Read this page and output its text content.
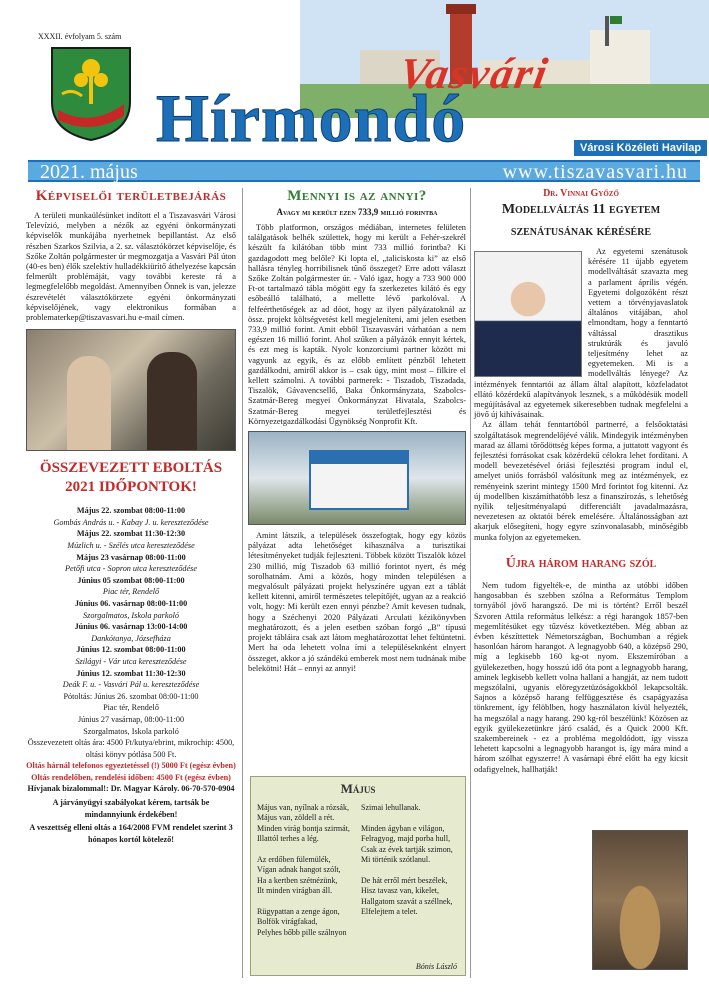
XXXII. évfolyam 5. szám
Vasvári
Hírmondó	Városi Közéleti Havilap
2021. május	www.tiszavasvari.hu
Képviselői területbejárás

A területi munkaülésünket indított el a Tiszavasvári Városi Televízió, melyben a nézők az egyéni önkormányzati képviselők munkájába nyerhetnek bepillantást. Az első részben Szarkos Szilvia, a 2. sz. választókörzet képviselője, és Szőke Zoltán polgármester úr megmozgatja a Vasvári Pál úton (40-es ben) élők szelektív hulladékkiürítő áthelyezése kapcsán felmerült problémáját, vagy további kereste rá a legmegfelelőbb megoldást. Amennyiben Önnek is van, jelezze észrevételét választókörzete egyéni önkormányzati képviselőjének, vagy elektronikus formában a problematerkep@tiszavasvari.hu e-mail címen.

ÖSSZEVEZETT EBOLTÁS
2021 IDŐPONTOK!
Május 22. szombat 08:00-11:00
Gombás András u. - Kabay J. u. kereszteződése
Május 22. szombat 11:30-12:30
Múzlich u. - Szélés utca kereszteződése
Május 23 vasárnap 08:00-11:00
Petőfi utca - Sopron utca kereszteződése
Június 05 szombat 08:00-11:00
Piac tér, Rendelő
Június 06. vasárnap 08:00-11:00
Szorgalmatos, Iskola parkoló
Június 06. vasárnap 13:00-14:00
Dankótanya, Józsefháza
Június 12. szombat 08:00-11:00
Szilágyi - Vár utca kereszteződése
Június 12. szombat 11:30-12:30
Deák F. u. - Vasvári Pál u. kereszteződése
Pótoltás: Június 26. szombat 08:00-11:00
Piac tér, Rendelő
Június 27 vasárnap, 08:00-11:00
Szorgalmatos, Iskola parkoló
Összevezetett oltás ára: 4500 Ft/kutya/ebrint, mikrochip: 4500, oltási könyv pótlása 500 Ft.
Oltás hárnál telefonos egyeztetéssel (!) 5000 Ft (egész évben)
Oltás rendelőben, rendelési időben: 4500 Ft (egész évben)
Hívjanak bizalommal!: Dr. Magyar Károly. 06-70-570-0904
A járványügyi szabályokat kérem, tartsák be mindannyiunk érdekében!
A veszettség elleni oltás a 164/2008 FVM rendelet szerint 3 hónapos kortól kötelező!
Mennyi is az annyi?
Avagy mi került ezen 733,9 millió forintba

Több platformon, országos médiában, internetes felületen találgatások belhék születtek, hogy mi került a Fehér-szekrél készült fa kilátóban több mint 733 millió forintba? Ki gazdagodott meg belőle? Ki lopta el, „taliciskosta ki” az első hallásra tényleg horribilisnek tűnő összeget? Erre adott választ Szőke Zoltán polgármester úr. - Való igaz, hogy a 733 900 000 Ft-ot tartalmazó tábla mögött egy fa szerkezetes kilátó és egy esőbeálló található, a mellette lévő parkolóval. A felfeérthetőségek az ad dóot, hogy az ilyen pályázatoknál az össz. projekt költségvetést kell megjeleníteni, ami jelen esetben 733,9 millió forint. Amit ebből Tiszavasvári várhatóan a nem egészen 16 millió forint. Ahol szűken a pályázók ennyit kértek, és ezt meg is kapták. Nyolc konzorciumi partner között mi vagyunk az egyik, és az előbb említett pénzből lehetett gazdálkodni, amiről akkor is – csak úgy, mint most – filkire el kellett számolni. A további partnerek: - Tiszadob, Tiszadada, Tiszalök, Gávavencsellő, Baka Önkormányzata, Szabolcs-Szatmár-Bereg megyei Önkormányzat Hivatala, Szabolcs-Szatmár-Bereg megyei területfejlesztési és Környezetgazdálkodási Ügynökség Nonprofit Kft.

Amint látszik, a települések összefogtak, hogy egy közös pályázat adta lehetőséget kihasználva a turisztikai létesítményeket tudják fejleszteni. Többek között Tiszalök közel 230 millió, míg Tiszadob 63 millió forintot nyert, és még sorolhatnám. Ami a közös, hogy minden településen a megvalósult pályázati projekt helyszínére ugyan ezt a táblát kellett kitenni, amiről természetes telepítőjét, ugyan az a reakció volt, hogy: Mi került ezen ennyi pénzbe? Amit kevesen tudnak, hogy a Széchenyi 2020 Pályázati Arculati kézikönyvben meghatározott, és a jelen esetben szóban forgó „B” típusú projekt tábláira csak azt látom meghatározottat lehet feltüntetni. Mert ha oda lehetett volna írni a településeknként elnyert összeget, akkor a jó szándékú emberek most nem tudnának mibe belekötni! Hát – ennyi az annyi!

Május
Május van, nyílnak a rózsák,
Május van, zöldell a rét.
Minden virág bontja szirmát,
Illattól terhes a lég.

Az erdőben fülemülék,
Vígan adnak hangot szólt,
Ha a kertben szétnézünk,
Ilt minden virágban áll.

Rügypattan a zenge ágon,
Bolfök virágfakad,
Pelyhes bőbb pille szálnyon
Szimai lehullanak.

Minden ágyban e világon,
Felragyog, majd porba hull,
Csak az évek tartják szimon,
Mi történik szótlanul.

De hát erről mért beszélek,
Hisz tavasz van, kikelet,
Hallgatom szavát a széllnek,
Elfelejtem a telet.
Bónis László
Dr. Vinnai Győző
Modellváltás 11 egyetem szenátusának kérésére

Az egyetemi szenátusok kérésére 11 újabb egyetem modellváltását szavazta meg a parlament április végén. Egyetemi dolgozóként részt vettem a törvényjavaslatok általános vitájában, ahol elmondtam, hogy a fenntartó váltással drasztikus struktúrák és javuló teljesítmény lehet az egyetemeken. Mi is a modellváltás lényege? Az intézmények fenntartói az állam által alapított, közfeladatot ellátó közérdekű alapítványok lesznek, s a működésük modell megújításával az egyetemek sikeresebben tudnak megfelelni a jövő új kihívásainak.

Az állam tehát fenntartóból partnerré, a felsőoktatási szolgáltatások megrendelőjévé válik. Mindegyik intézményben marad az állami tőrődöttség képes forma, a juttatott vagyont és fejlesztési forrásokat csak közérdekű célokra lehet fordítani. A modell bevezetésével óriási fejlesztési program indul el, amelyet uniós forrásból valósítunk meg az intézmények, ez reményeink szerint mintegy 1500 Mrd forintot fog kitenni. Az új modellben kiszámíthatóbb lesz a finanszírozás, s lehetőség nyílik teljesítményalapú differenciált javadalmazásra, nevezetesen az oktatói bérek emelésére. Általánosságban azt akarjuk elősegíteni, hogy egyre színvonalasabb, minőségibb munka folyjon az egyetemeken.

Újra három harang szól

Nem tudom figyelték-e, de mintha az utóbbi időben hangosabban és szebben szólna a Református Templom tornyából jövő harangszó. De mi is történt? Erről beszél Szvoren Attila református lelkész: a régi harangok 1857-ben megemlítésüket egy tűzvész következtében. Még abban az évben készíttettek Németországban, Bochumban a régiek hasonlóan három harangot. A legnagyobb 640, a középső 290, míg a legkisebb 160 kg-ot nyom. Ekszemíróban a gyülekezetben, hogy hosszú idő óta pont a legnagyobb harang, aminek legkisebb kellett volna hallani a hangját, az nem tudott megszólalni, ugyanis elöregyzetüzóságokkból lekapcsolták. Sajnos a középső harang felfüggesztése és csapágyazása tönkrement, így félöblben, hogy használaton kívül helyezték, ha megszólal a nagy harang. 290 kg-ról beszélünk! Közösen az egyik gyülekezetünkre járó család, és a Quick 2000 Kft. szakembereinek - ez a probléma megoldódott, így vissza lehetett kapcsolni a legnagyobb harangot is, így mára mind a három szólhat egyszerre! A vasárnapi ébré előtt ha egy kicsit odafigyelnek, hallhatják!
